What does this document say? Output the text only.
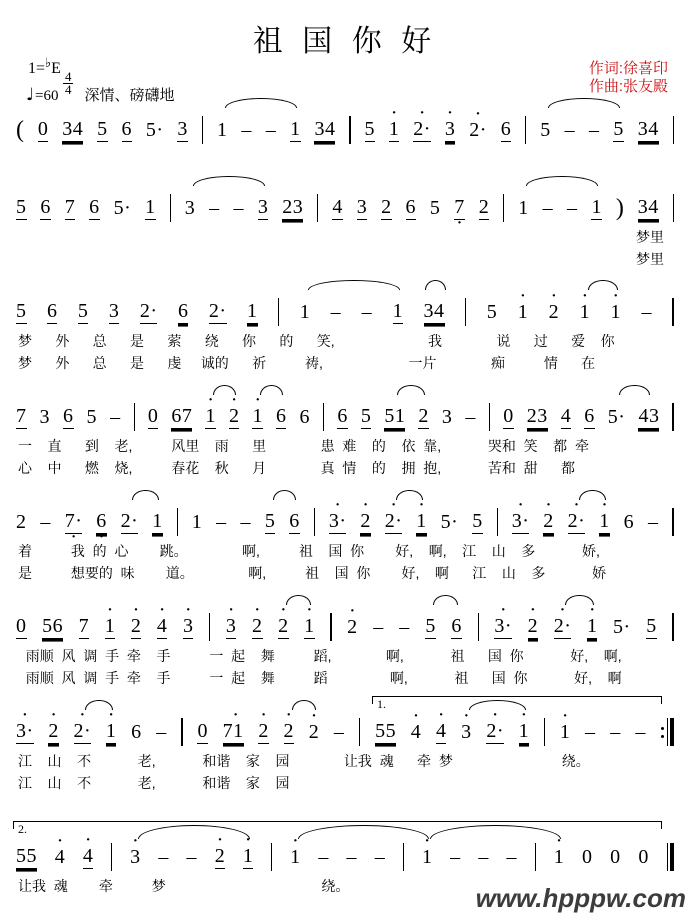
祖 国 你 好
1=♭E
$\frac{4}{4}$
♩=60 深情、磅礴地
作词:徐喜印
作曲:张友殿
(
0

3 4

5

6

5·

3

1

–

–

1

3 4

5

·
1

·
2·

·
3

·
2·

6

5

–

–

5

3 4

5

6

7

6

5·

1

3

–

–

3

2 3

4

3

2

6

5

7
·

2

1

–

–

1
)

3 4

梦里
梦里

5

6

5

3

2·

6

2·

1

1

–

–

1

3 4

5

·
1

·
2

·
1

·
1

–

梦      外      总      是      萦      绕      你      的      笑,                        我              说      过      爱    你
梦      外      总      是      虔     诚的      祈          祷,                      一片              痴          情      在

7

3

6

5

–

0

6 7

·
1

·
2

·
1

6

6

6

5

5 1

2

3

–

0

2 3

4

6

5·

4 3

一    直      到    老,          风里    雨      里              患  难    的    依  靠,            哭和  笑    都  牵
心    中      燃    烧,          春花    秋      月              真  情    的    拥  抱,            苦和  甜      都

2

–

7·
·

6
·

2·

1

1

–

–

5

6

·
3·

·
2

·
2·

·
1

5·

5

·
3·

·
2

·
2·

·
1

6

–

着          我  的  心        跳。              啊,          祖    国  你        好,    啊,    江    山    多            娇,
是          想要的  味        道。              啊,          祖    国  你        好,    啊      江    山    多            娇

0

5 6

7

·
1

·
2

·
4

·
3

·
3

·
2

·
2

·
1

·
2

–

–

5

6

·
3·

·
2

·
2·

·
1

5·

5

雨顺  风  调  手  牵    手          一  起    舞          蹈,              啊,            祖      国  你            好,    啊,
雨顺  风  调  手  牵    手          一  起    舞          蹈                啊,            祖      国  你            好,    啊
·
3·

·
2

·
2·

·
1

6

–

0

·
7 1

·
2

·
2

·
2

–

5 5

·
4

·
4

·
3

·
2·

·
1

·
1

–

–

–

江    山    不            老,            和谐    家    园              让我  魂      牵  梦                            绕。
江    山    不            老,            和谐    家    园
1.

5 5

·
4

·
4

·
3

–

–

·
2

·
1

·
1

–

–

–

·
1

–

–

–

·
1

0

0

0

让我  魂        牵          梦                                        绕。
2.
www.hpppw.com
